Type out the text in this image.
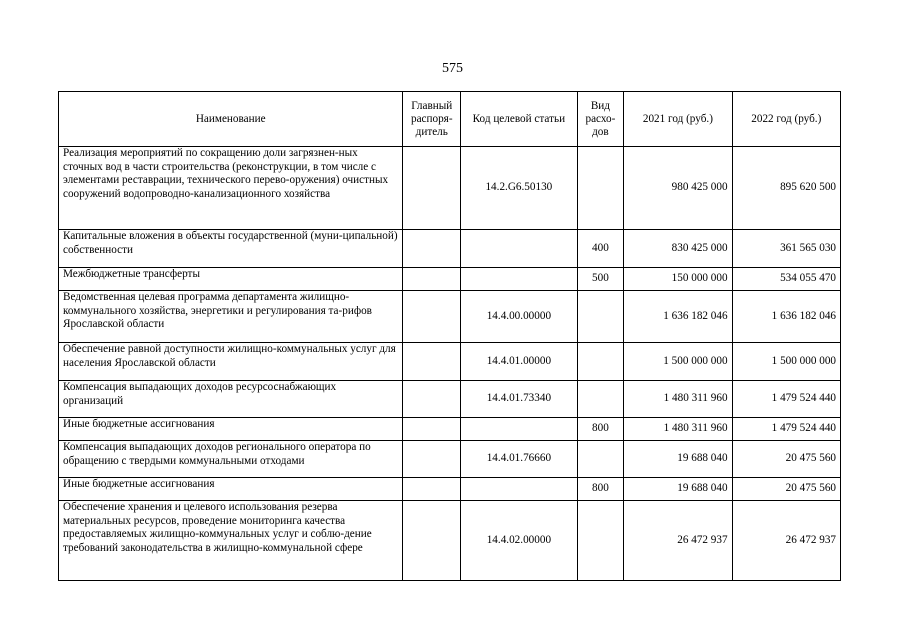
575
Наименование	Главный распоря-дитель	Код целевой статьи	Вид расхо-дов	2021 год (руб.)	2022 год (руб.)
Реализация мероприятий по сокращению доли загрязнен-ных сточных вод в части строительства (реконструкции, в том числе с элементами реставрации, технического перево-оружения) очистных сооружений водопроводно-канализационного хозяйства		14.2.G6.50130		980 425 000	895 620 500
Капитальные вложения в объекты государственной (муни-ципальной) собственности			400	830 425 000	361 565 030
Межбюджетные трансферты			500	150 000 000	534 055 470
Ведомственная целевая программа департамента жилищно-коммунального хозяйства, энергетики и регулирования та-рифов Ярославской области		14.4.00.00000		1 636 182 046	1 636 182 046
Обеспечение равной доступности жилищно-коммунальных услуг для населения Ярославской области		14.4.01.00000		1 500 000 000	1 500 000 000
Компенсация выпадающих доходов ресурсоснабжающих организаций		14.4.01.73340		1 480 311 960	1 479 524 440
Иные бюджетные ассигнования			800	1 480 311 960	1 479 524 440
Компенсация выпадающих доходов регионального оператора по обращению с твердыми коммунальными отходами		14.4.01.76660		19 688 040	20 475 560
Иные бюджетные ассигнования			800	19 688 040	20 475 560
Обеспечение хранения и целевого использования резерва материальных ресурсов, проведение мониторинга качества предоставляемых жилищно-коммунальных услуг и соблю-дение требований законодательства в жилищно-коммунальной сфере		14.4.02.00000		26 472 937	26 472 937
